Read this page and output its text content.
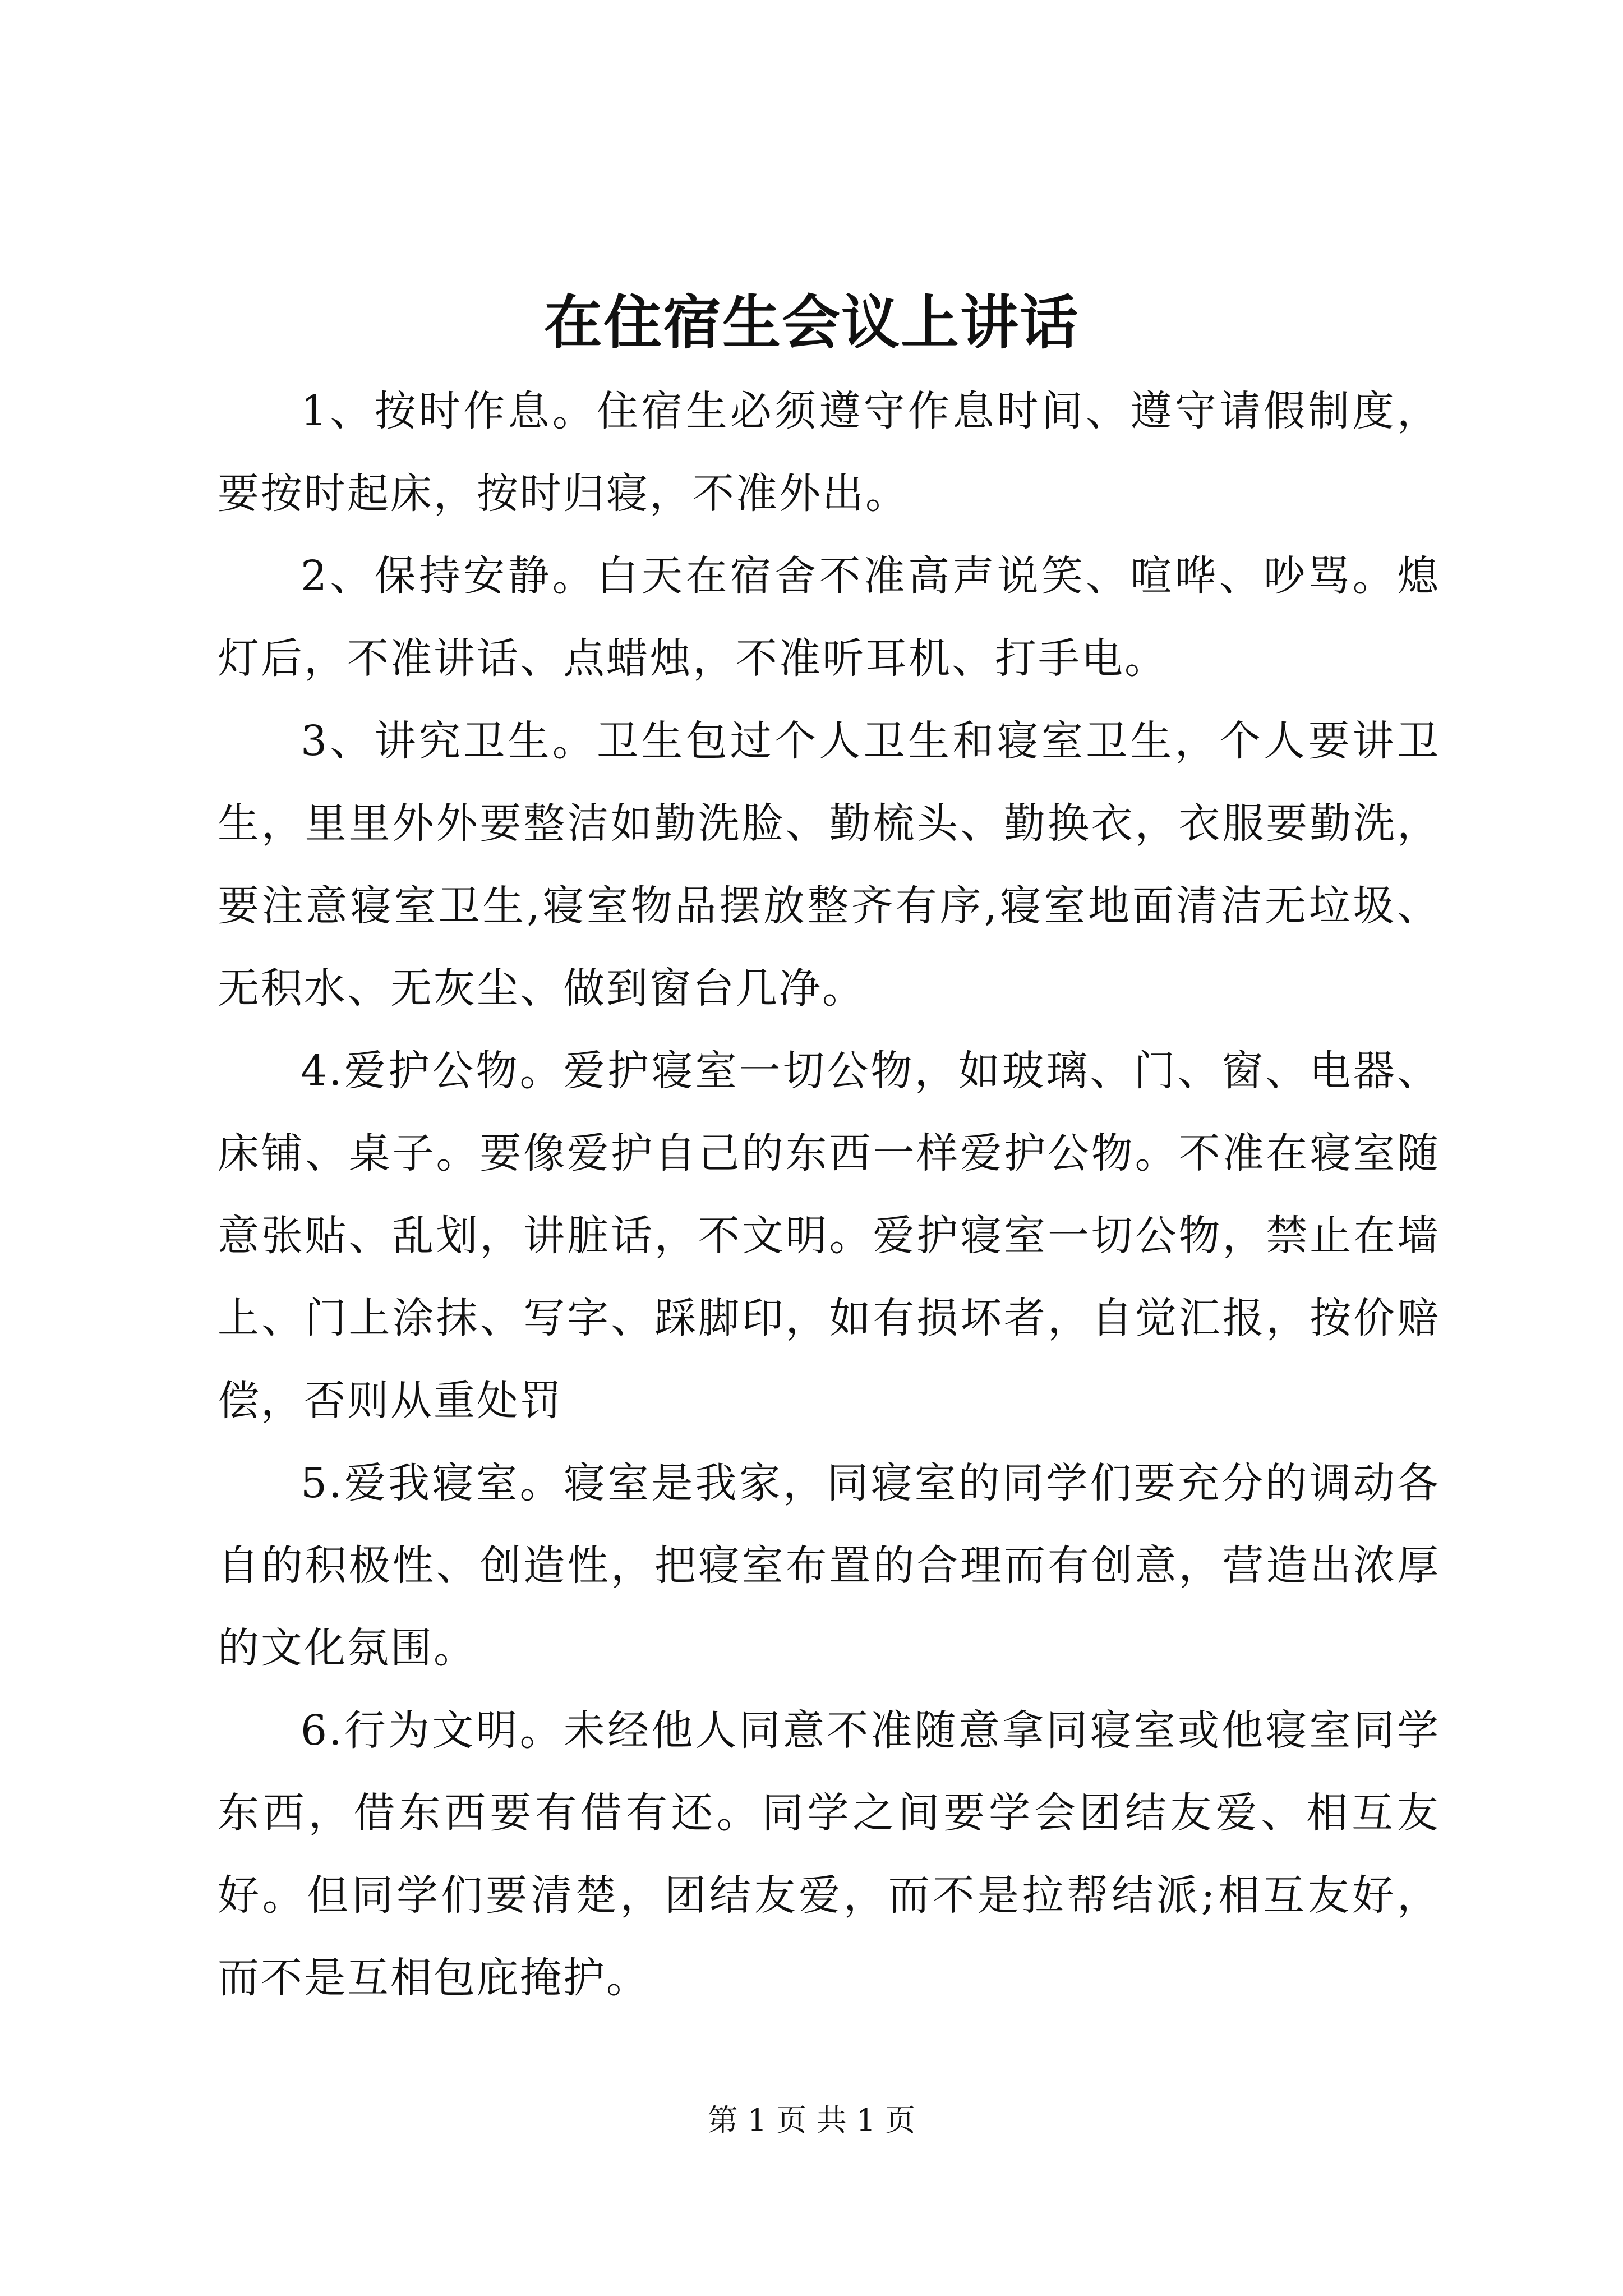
在住宿生会议上讲话

1、按时作息。住宿生必须遵守作息时间、遵守请假制度，要按时起床，按时归寝，不准外出。

2、保持安静。白天在宿舍不准高声说笑、喧哗、吵骂。熄灯后，不准讲话、点蜡烛，不准听耳机、打手电。

3、讲究卫生。卫生包过个人卫生和寝室卫生，个人要讲卫生，里里外外要整洁如勤洗脸、勤梳头、勤换衣，衣服要勤洗，要注意寝室卫生,寝室物品摆放整齐有序,寝室地面清洁无垃圾、无积水、无灰尘、做到窗台几净。

4.爱护公物。爱护寝室一切公物，如玻璃、门、窗、电器、床铺、桌子。要像爱护自己的东西一样爱护公物。不准在寝室随意张贴、乱划，讲脏话，不文明。爱护寝室一切公物，禁止在墙上、门上涂抹、写字、踩脚印，如有损坏者，自觉汇报，按价赔偿，否则从重处罚

5.爱我寝室。寝室是我家，同寝室的同学们要充分的调动各自的积极性、创造性，把寝室布置的合理而有创意，营造出浓厚的文化氛围。

6.行为文明。未经他人同意不准随意拿同寝室或他寝室同学东西，借东西要有借有还。同学之间要学会团结友爱、相互友好。但同学们要清楚，团结友爱，而不是拉帮结派;相互友好，而不是互相包庇掩护。

第 1 页 共 1 页
